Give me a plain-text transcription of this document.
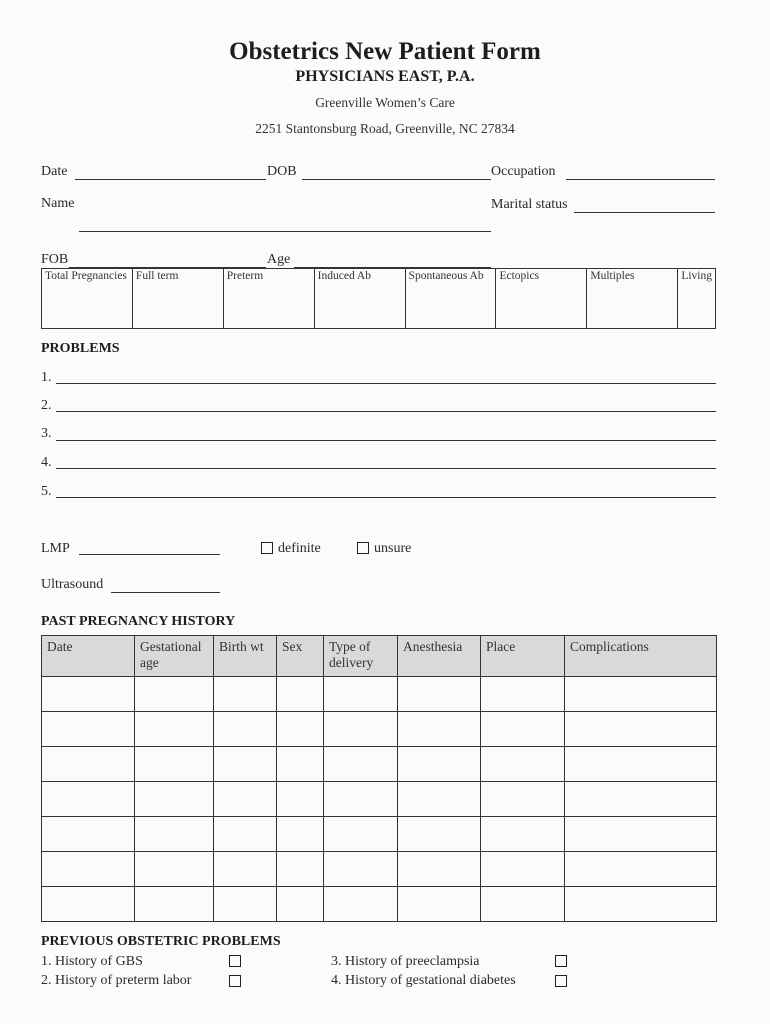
Obstetrics New Patient Form
PHYSICIANS EAST, P.A.
Greenville Women’s Care
2251 Stantonsburg Road, Greenville, NC 27834
Date	DOB	Occupation
Name	Marital status
FOB	Age
Total Pregnancies	Full term	Preterm	Induced Ab	Spontaneous Ab	Ectopics	Multiples	Living
PROBLEMS
1.
2.
3.
4.
5.
LMP	definite	unsure
Ultrasound
PAST PREGNANCY HISTORY
Date	Gestational age	Birth wt	Sex	Type of delivery	Anesthesia	Place	Complications

PREVIOUS OBSTETRIC PROBLEMS
1. History of GBS
2. History of preterm labor
3. History of preeclampsia
4. History of gestational diabetes
